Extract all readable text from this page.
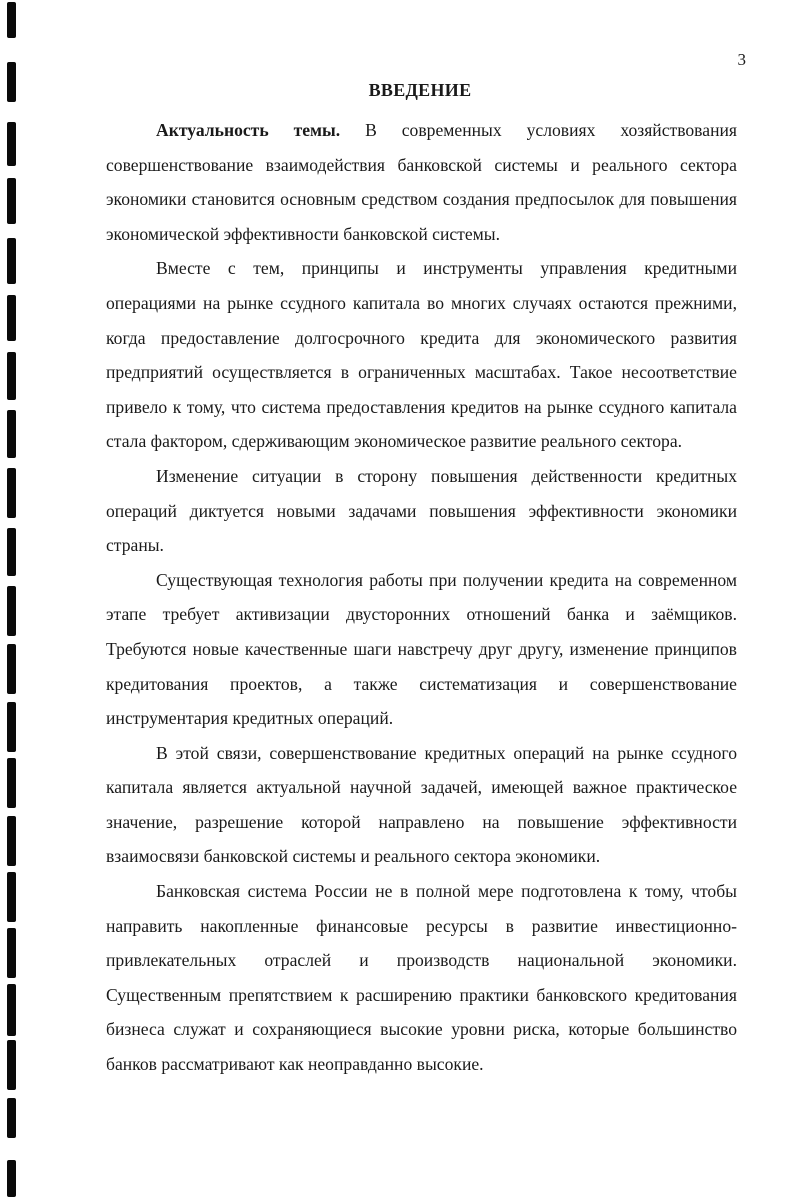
3
ВВЕДЕНИЕ

Актуальность темы. В современных условиях хозяйствования совершенствование взаимодействия банковской системы и реального сектора экономики становится основным средством создания предпосылок для повышения экономической эффективности банковской системы.

Вместе с тем, принципы и инструменты управления кредитными операциями на рынке ссудного капитала во многих случаях остаются прежними, когда предоставление долгосрочного кредита для экономического развития предприятий осуществляется в ограниченных масштабах. Такое несоответствие привело к тому, что система предоставления кредитов на рынке ссудного капитала стала фактором, сдерживающим экономическое развитие реального сектора.

Изменение ситуации в сторону повышения действенности кредитных операций диктуется новыми задачами повышения эффективности экономики страны.

Существующая технология работы при получении кредита на современном этапе требует активизации двусторонних отношений банка и заёмщиков. Требуются новые качественные шаги навстречу друг другу, изменение принципов кредитования проектов, а также систематизация и совершенствование инструментария кредитных операций.

В этой связи, совершенствование кредитных операций на рынке ссудного капитала является актуальной научной задачей, имеющей важное практическое значение, разрешение которой направлено на повышение эффективности взаимосвязи банковской системы и реального сектора экономики.

Банковская система России не в полной мере подготовлена к тому, чтобы направить накопленные финансовые ресурсы в развитие инвестиционно-привлекательных отраслей и производств национальной экономики. Существенным препятствием к расширению практики банковского кредитования бизнеса служат и сохраняющиеся высокие уровни риска, которые большинство банков рассматривают как неоправданно высокие.
